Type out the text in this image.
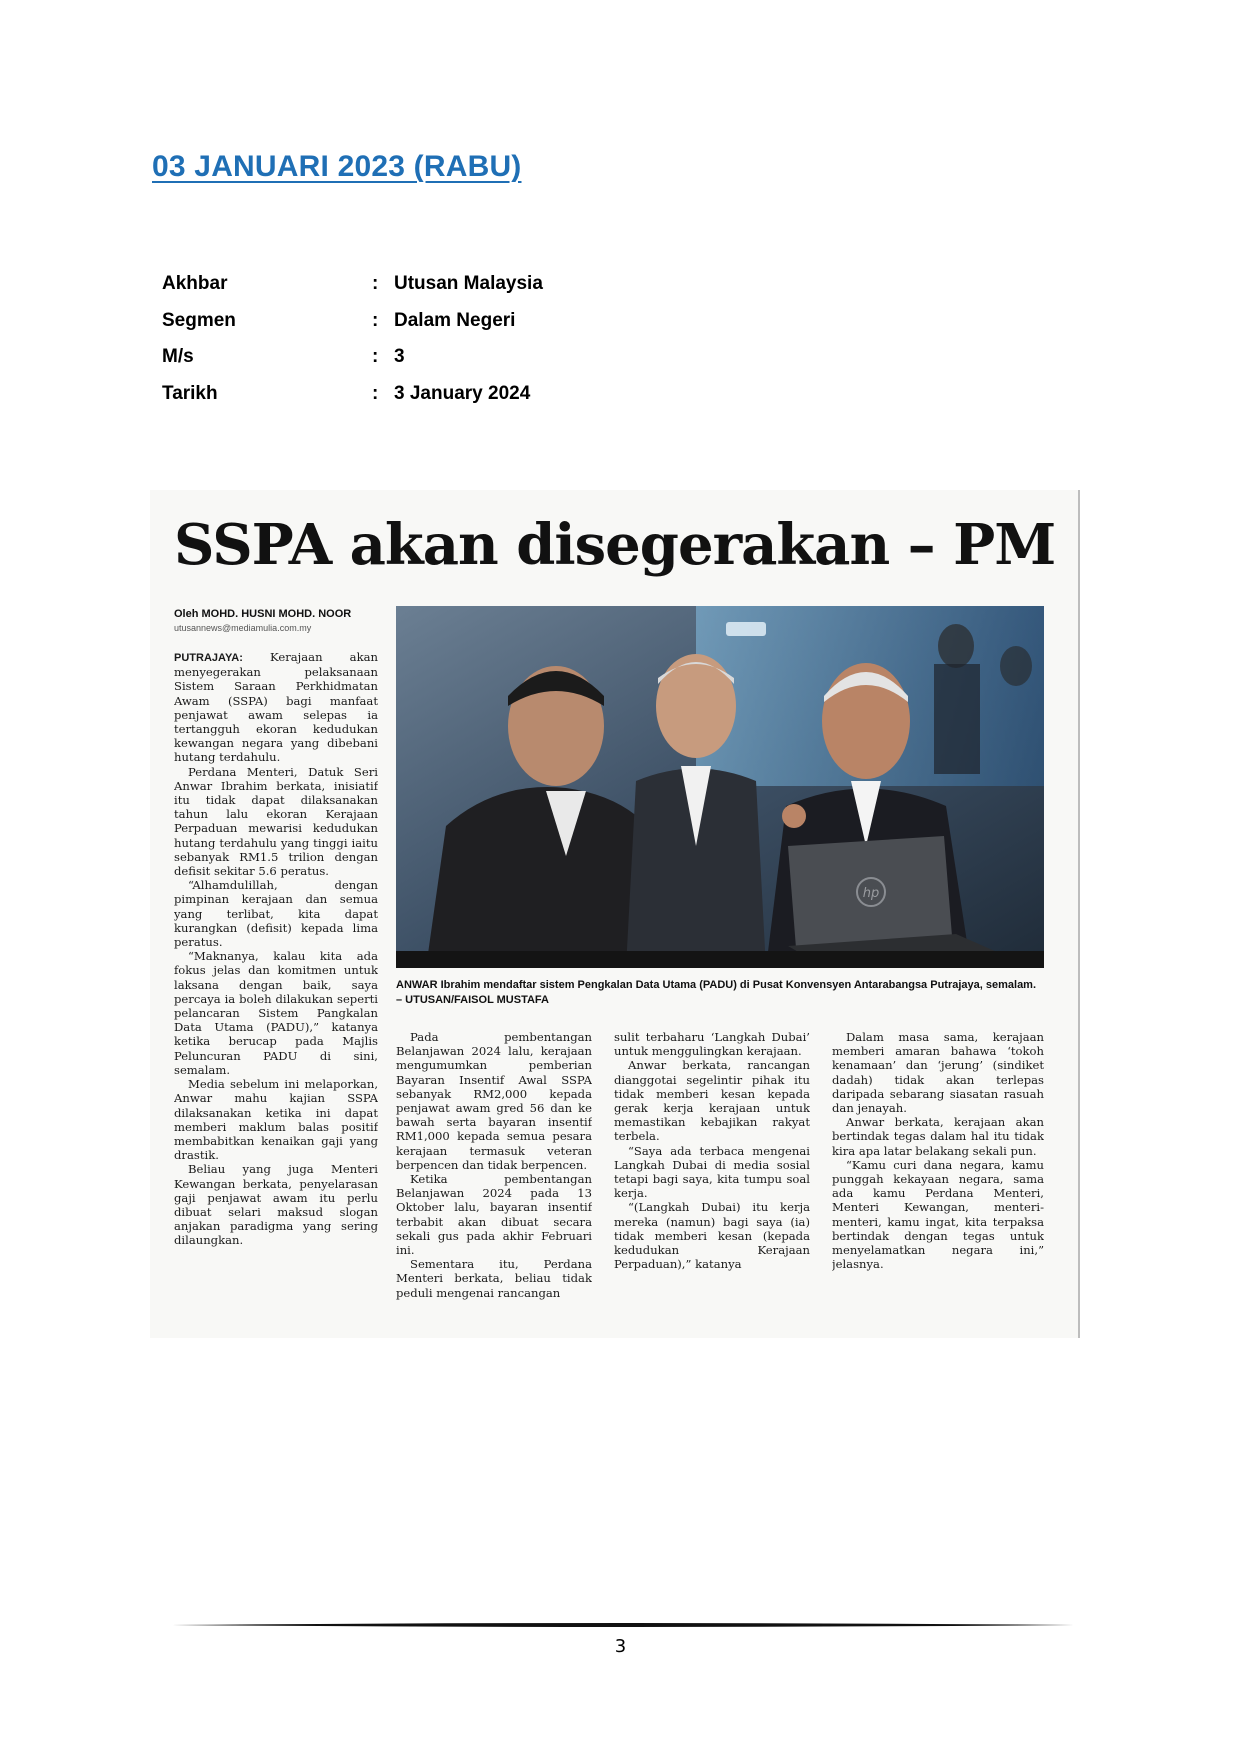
03 JANUARI 2023 (RABU)
Akhbar	: Utusan Malaysia
Segmen	: Dalam Negeri
M/s	: 3
Tarikh	: 3 January 2024
SSPA akan disegerakan – PM
Oleh MOHD. HUSNI MOHD. NOOR
utusannews@mediamulia.com.my

PUTRAJAYA: Kerajaan akan menyegerakan pelaksanaan Sistem Saraan Perkhidmatan Awam (SSPA) bagi manfaat penjawat awam selepas ia tertangguh ekoran kedudukan kewangan negara yang dibebani hutang terdahulu.

Perdana Menteri, Datuk Seri Anwar Ibrahim berkata, inisiatif itu tidak dapat dilaksanakan tahun lalu ekoran Kerajaan Perpaduan mewarisi kedudukan hutang terdahulu yang tinggi iaitu sebanyak RM1.5 trilion dengan defisit sekitar 5.6 peratus.

“Alhamdulillah, dengan pimpinan kerajaan dan semua yang terlibat, kita dapat kurangkan (defisit) kepada lima peratus.

“Maknanya, kalau kita ada fokus jelas dan komitmen untuk laksana dengan baik, saya percaya ia boleh dilakukan seperti pelancaran Sistem Pangkalan Data Utama (PADU),” katanya ketika berucap pada Majlis Peluncuran PADU di sini, semalam.

Media sebelum ini melaporkan, Anwar mahu kajian SSPA dilaksanakan ketika ini dapat memberi maklum balas positif membabitkan kenaikan gaji yang drastik.

Beliau yang juga Menteri Kewangan berkata, penyelarasan gaji penjawat awam itu perlu dibuat selari maksud slogan anjakan paradigma yang sering dilaungkan.

hp
ANWAR Ibrahim mendaftar sistem Pengkalan Data Utama (PADU) di Pusat Konvensyen Antarabangsa Putrajaya, semalam. – UTUSAN/FAISOL MUSTAFA

Pada pembentangan Belanjawan 2024 lalu, kerajaan mengumumkan pemberian Bayaran Insentif Awal SSPA sebanyak RM2,000 kepada penjawat awam gred 56 dan ke bawah serta bayaran insentif RM1,000 kepada semua pesara kerajaan termasuk veteran berpencen dan tidak berpencen.

Ketika pembentangan Belanjawan 2024 pada 13 Oktober lalu, bayaran insentif terbabit akan dibuat secara sekali gus pada akhir Februari ini.

Sementara itu, Perdana Menteri berkata, beliau tidak peduli mengenai rancangan

sulit terbaharu ‘Langkah Dubai’ untuk menggulingkan kerajaan.

Anwar berkata, rancangan dianggotai segelintir pihak itu tidak memberi kesan kepada gerak kerja kerajaan untuk memastikan kebajikan rakyat terbela.

“Saya ada terbaca mengenai Langkah Dubai di media sosial tetapi bagi saya, kita tumpu soal kerja.

“(Langkah Dubai) itu kerja mereka (namun) bagi saya (ia) tidak memberi kesan (kepada kedudukan Kerajaan Perpaduan),” katanya

Dalam masa sama, kerajaan memberi amaran bahawa ‘tokoh kenamaan’ dan ‘jerung’ (sindiket dadah) tidak akan terlepas daripada sebarang siasatan rasuah dan jenayah.

Anwar berkata, kerajaan akan bertindak tegas dalam hal itu tidak kira apa latar belakang sekali pun.

“Kamu curi dana negara, kamu punggah kekayaan negara, sama ada kamu Perdana Menteri, Menteri Kewangan, menteri-menteri, kamu ingat, kita terpaksa bertindak dengan tegas untuk menyelamatkan negara ini,” jelasnya.

3
